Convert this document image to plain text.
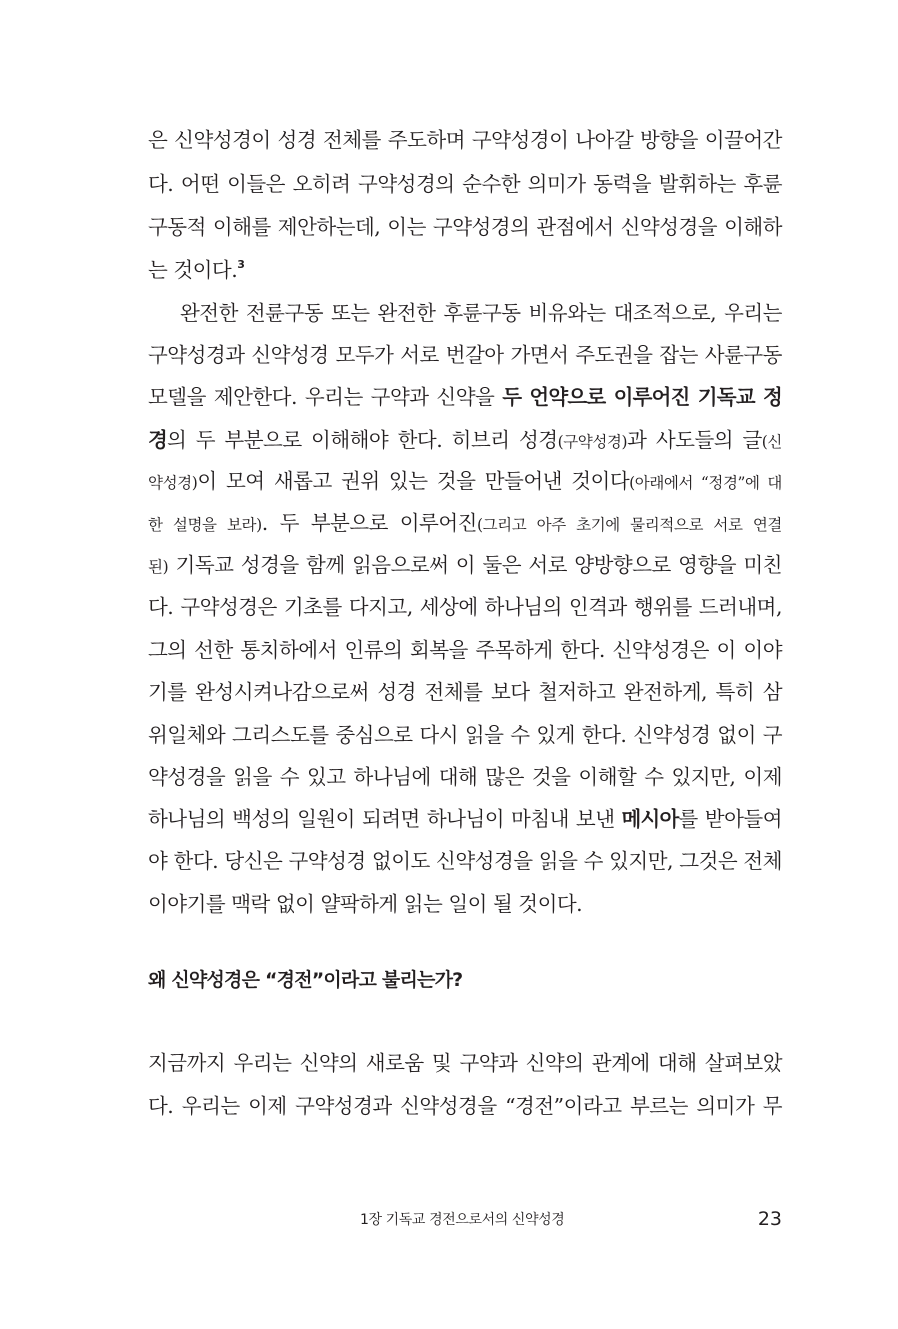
은 신약성경이 성경 전체를 주도하며 구약성경이 나아갈 방향을 이끌어간
다. 어떤 이들은 오히려 구약성경의 순수한 의미가 동력을 발휘하는 후륜
구동적 이해를 제안하는데, 이는 구약성경의 관점에서 신약성경을 이해하
는 것이다.$^3$
완전한 전륜구동 또는 완전한 후륜구동 비유와는 대조적으로, 우리는
구약성경과 신약성경 모두가 서로 번갈아 가면서 주도권을 잡는 사륜구동
모델을 제안한다. 우리는 구약과 신약을 두 언약으로 이루어진 기독교 정
경의 두 부분으로 이해해야 한다. 히브리 성경(구약성경)과 사도들의 글(신
약성경)이 모여 새롭고 권위 있는 것을 만들어낸 것이다(아래에서 “정경”에 대
한 설명을 보라). 두 부분으로 이루어진(그리고 아주 초기에 물리적으로 서로 연결
된) 기독교 성경을 함께 읽음으로써 이 둘은 서로 양방향으로 영향을 미친
다. 구약성경은 기초를 다지고, 세상에 하나님의 인격과 행위를 드러내며,
그의 선한 통치하에서 인류의 회복을 주목하게 한다. 신약성경은 이 이야
기를 완성시켜나감으로써 성경 전체를 보다 철저하고 완전하게, 특히 삼
위일체와 그리스도를 중심으로 다시 읽을 수 있게 한다. 신약성경 없이 구
약성경을 읽을 수 있고 하나님에 대해 많은 것을 이해할 수 있지만, 이제
하나님의 백성의 일원이 되려면 하나님이 마침내 보낸 메시아를 받아들여
야 한다. 당신은 구약성경 없이도 신약성경을 읽을 수 있지만, 그것은 전체
이야기를 맥락 없이 얄팍하게 읽는 일이 될 것이다.
왜 신약성경은 “경전”이라고 불리는가?
지금까지 우리는 신약의 새로움 및 구약과 신약의 관계에 대해 살펴보았
다. 우리는 이제 구약성경과 신약성경을 “경전”이라고 부르는 의미가 무
1장 기독교 경전으로서의 신약성경	23
